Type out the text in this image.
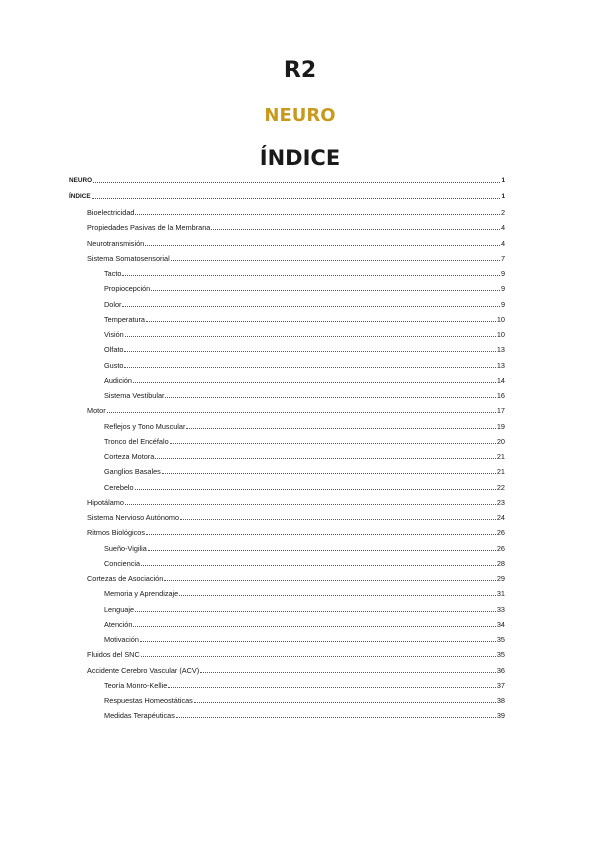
R2
NEURO
ÍNDICE
NEURO	1
ÍNDICE	1
Bioelectricidad	2
Propiedades Pasivas de la Membrana	4
Neurotransmisión	4
Sistema Somatosensorial	7
Tacto	9
Propiocepción	9
Dolor	9
Temperatura	10
Visión	10
Olfato	13
Gusto	13
Audición	14
Sistema Vestibular	16
Motor	17
Reflejos y Tono Muscular	19
Tronco del Encéfalo	20
Corteza Motora	21
Ganglios Basales	21
Cerebelo	22
Hipotálamo	23
Sistema Nervioso Autónomo	24
Ritmos Biológicos	26
Sueño-Vigilia	26
Conciencia	28
Cortezas de Asociación	29
Memoria y Aprendizaje	31
Lenguaje	33
Atención	34
Motivación	35
Fluidos del SNC	35
Accidente Cerebro Vascular (ACV)	36
Teoría Monro-Kellie	37
Respuestas Homeostáticas	38
Medidas Terapéuticas	39
